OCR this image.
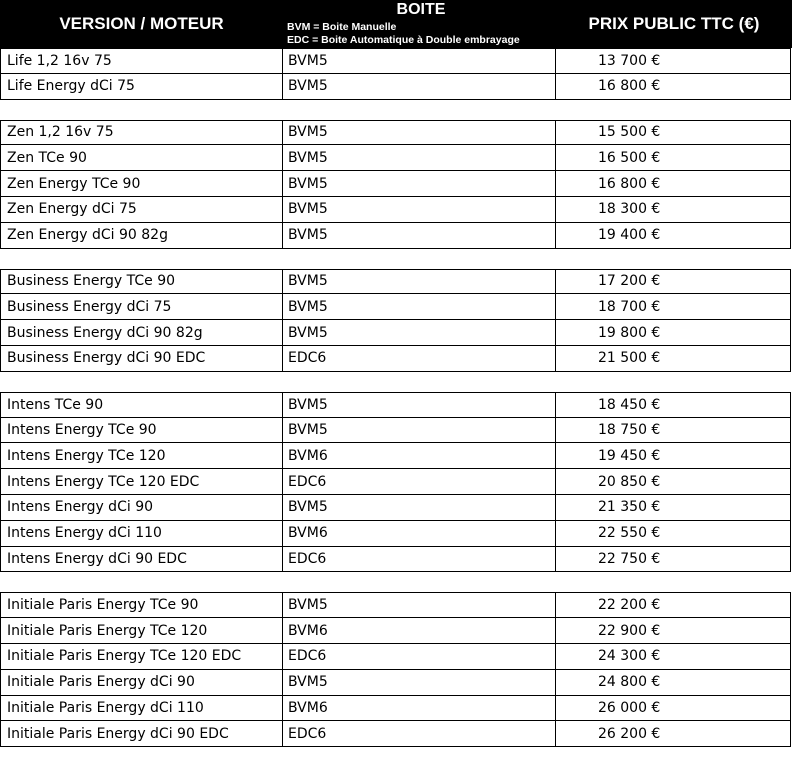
VERSION / MOTEUR
BOITE
BVM = Boite Manuelle
EDC = Boite Automatique à Double embrayage
PRIX PUBLIC TTC (€)
Life 1,2 16v 75	BVM5	13 700 €
Life Energy dCi 75	BVM5	16 800 €
Zen 1,2 16v 75	BVM5	15 500 €
Zen TCe 90	BVM5	16 500 €
Zen Energy TCe 90	BVM5	16 800 €
Zen Energy dCi 75	BVM5	18 300 €
Zen Energy dCi 90 82g	BVM5	19 400 €
Business Energy TCe 90	BVM5	17 200 €
Business Energy dCi 75	BVM5	18 700 €
Business Energy dCi 90 82g	BVM5	19 800 €
Business Energy dCi 90 EDC	EDC6	21 500 €
Intens TCe 90	BVM5	18 450 €
Intens Energy TCe 90	BVM5	18 750 €
Intens Energy TCe 120	BVM6	19 450 €
Intens Energy TCe 120 EDC	EDC6	20 850 €
Intens Energy dCi 90	BVM5	21 350 €
Intens Energy dCi 110	BVM6	22 550 €
Intens Energy dCi 90 EDC	EDC6	22 750 €
Initiale Paris Energy TCe 90	BVM5	22 200 €
Initiale Paris Energy TCe 120	BVM6	22 900 €
Initiale Paris Energy TCe 120 EDC	EDC6	24 300 €
Initiale Paris Energy dCi 90	BVM5	24 800 €
Initiale Paris Energy dCi 110	BVM6	26 000 €
Initiale Paris Energy dCi 90 EDC	EDC6	26 200 €
